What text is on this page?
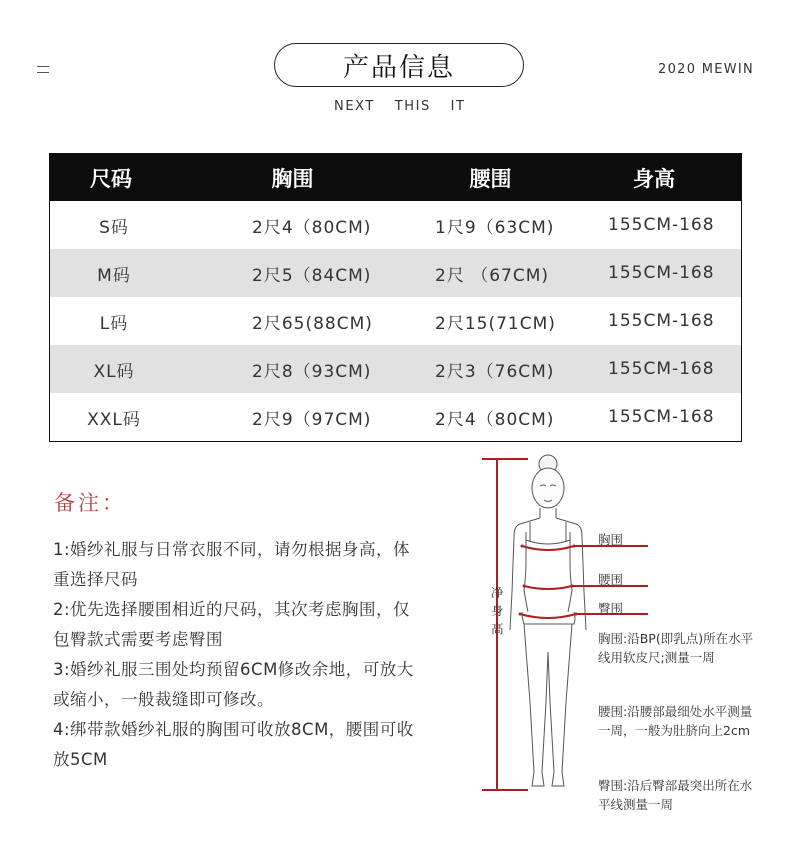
产品信息	2020 MEWIN
NEXT THIS IT
尺码	胸围	腰围	身高
S码	2尺4（80CM)	1尺9（63CM)	155CM-168
M码	2尺5（84CM)	2尺 （67CM)	155CM-168
L码	2尺65(88CM)	2尺15(71CM)	155CM-168
XL码	2尺8（93CM)	2尺3（76CM)	155CM-168
XXL码	2尺9（97CM)	2尺4（80CM)	155CM-168
备注：
1:婚纱礼服与日常衣服不同，请勿根据身高，体重选择尺码
2:优先选择腰围相近的尺码，其次考虑胸围，仅包臀款式需要考虑臀围
3:婚纱礼服三围处均预留6CM修改余地，可放大或缩小，一般裁缝即可修改。
4:绑带款婚纱礼服的胸围可收放8CM，腰围可收放5CM
净身高
胸围
腰围
臀围
胸围:沿BP(即乳点)所在水平线用软皮尺;测量一周
腰围:沿腰部最细处水平测量一周，一般为肚脐向上2cm
臀围:沿后臀部最突出所在水平线测量一周
